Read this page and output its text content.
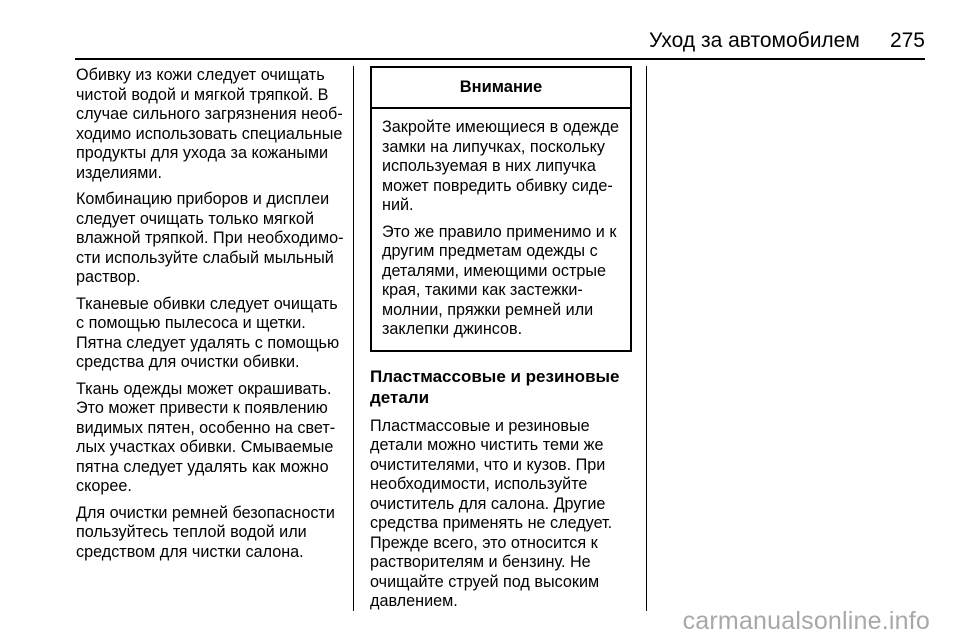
Уход за автомобилем 275

Обивку из кожи следует очищать
чистой водой и мягкой тряпкой. В
случае сильного загрязнения необ-
ходимо использовать специальные
продукты для ухода за кожаными
изделиями.

Комбинацию приборов и дисплеи
следует очищать только мягкой
влажной тряпкой. При необходимо-
сти используйте слабый мыльный
раствор.

Тканевые обивки следует очищать
с помощью пылесоса и щетки.
Пятна следует удалять с помощью
средства для очистки обивки.

Ткань одежды может окрашивать.
Это может привести к появлению
видимых пятен, особенно на свет-
лых участках обивки. Смываемые
пятна следует удалять как можно
скорее.

Для очистки ремней безопасности
пользуйтесь теплой водой или
средством для чистки салона.

Внимание

Закройте имеющиеся в одежде
замки на липучках, поскольку
используемая в них липучка
может повредить обивку сиде-
ний.

Это же правило применимо и к
другим предметам одежды с
деталями, имеющими острые
края, такими как застежки-
молнии, пряжки ремней или
заклепки джинсов.

Пластмассовые и резиновые
детали

Пластмассовые и резиновые
детали можно чистить теми же
очистителями, что и кузов. При
необходимости, используйте
очиститель для салона. Другие
средства применять не следует.
Прежде всего, это относится к
растворителям и бензину. Не
очищайте струей под высоким
давлением.

carmanualsonline.info
